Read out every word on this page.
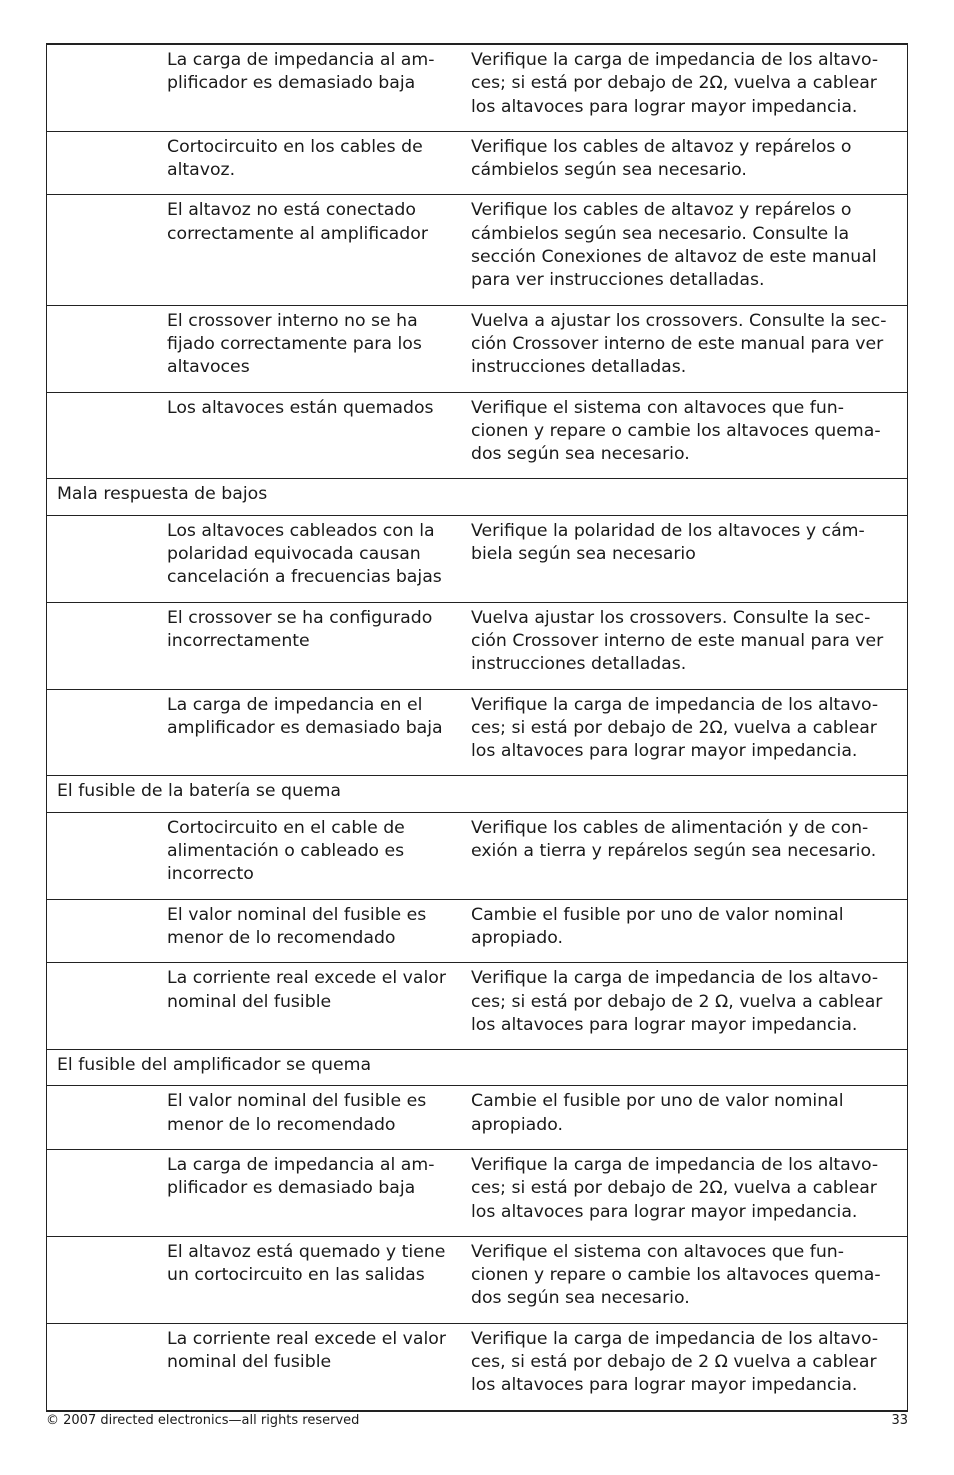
La carga de impedancia al am-
plificador es demasiado baja
Verifique la carga de impedancia de los altavo-
ces; si está por debajo de 2Ω, vuelva a cablear
los altavoces para lograr mayor impedancia.
Cortocircuito en los cables de
altavoz.
Verifique los cables de altavoz y repárelos o
cámbielos según sea necesario.
El altavoz no está conectado
correctamente al amplificador
Verifique los cables de altavoz y repárelos o
cámbielos según sea necesario. Consulte la
sección Conexiones de altavoz de este manual
para ver instrucciones detalladas.
El crossover interno no se ha
fijado correctamente para los
altavoces
Vuelva a ajustar los crossovers. Consulte la sec-
ción Crossover interno de este manual para ver
instrucciones detalladas.
Los altavoces están quemados	Verifique el sistema con altavoces que fun-
cionen y repare o cambie los altavoces quema-
dos según sea necesario.
Mala respuesta de bajos
Los altavoces cableados con la
polaridad equivocada causan
cancelación a frecuencias bajas
Verifique la polaridad de los altavoces y cám-
biela según sea necesario
El crossover se ha configurado
incorrectamente
Vuelva ajustar los crossovers. Consulte la sec-
ción Crossover interno de este manual para ver
instrucciones detalladas.
La carga de impedancia en el
amplificador es demasiado baja
Verifique la carga de impedancia de los altavo-
ces; si está por debajo de 2Ω, vuelva a cablear
los altavoces para lograr mayor impedancia.
El fusible de la batería se quema
Cortocircuito en el cable de
alimentación o cableado es
incorrecto
Verifique los cables de alimentación y de con-
exión a tierra y repárelos según sea necesario.
El valor nominal del fusible es
menor de lo recomendado
Cambie el fusible por uno de valor nominal
apropiado.
La corriente real excede el valor
nominal del fusible
Verifique la carga de impedancia de los altavo-
ces; si está por debajo de 2 Ω, vuelva a cablear
los altavoces para lograr mayor impedancia.
El fusible del amplificador se quema
El valor nominal del fusible es
menor de lo recomendado
Cambie el fusible por uno de valor nominal
apropiado.
La carga de impedancia al am-
plificador es demasiado baja
Verifique la carga de impedancia de los altavo-
ces; si está por debajo de 2Ω, vuelva a cablear
los altavoces para lograr mayor impedancia.
El altavoz está quemado y tiene
un cortocircuito en las salidas
Verifique el sistema con altavoces que fun-
cionen y repare o cambie los altavoces quema-
dos según sea necesario.
La corriente real excede el valor
nominal del fusible
Verifique la carga de impedancia de los altavo-
ces, si está por debajo de 2 Ω vuelva a cablear
los altavoces para lograr mayor impedancia.
© 2007 directed electronics—all rights reserved	33
